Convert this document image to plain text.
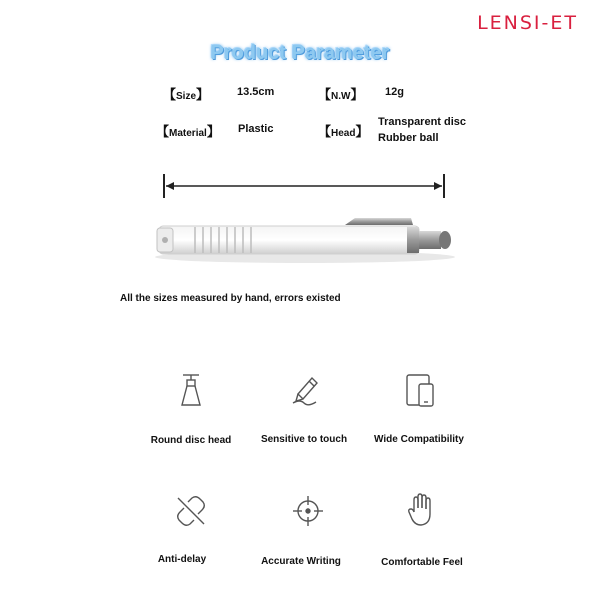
LENSI-ET
Product Parameter
【Size】	13.5cm	【N.W】 12g
【Material】 Plastic	【Head】
Transparent disc
Rubber ball
All the sizes measured by hand, errors existed
Round disc head	Sensitive to touch	Wide Compatibility
Anti-delay	Accurate Writing	Comfortable Feel
